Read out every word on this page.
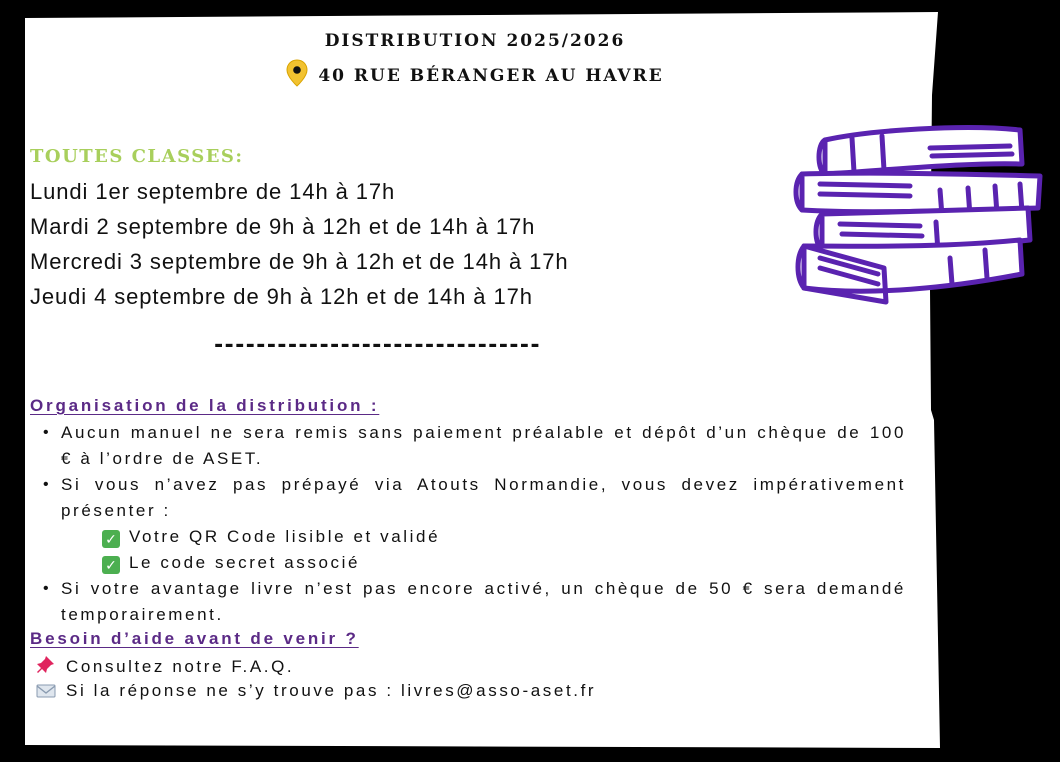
DISTRIBUTION 2025/2026
40 RUE BÉRANGER AU HAVRE
TOUTES CLASSES:
Lundi 1er septembre de 14h à 17h
Mardi 2 septembre de 9h à 12h et de 14h à 17h
Mercredi 3 septembre de 9h à 12h et de 14h à 17h
Jeudi 4 septembre de 9h à 12h et de 14h à 17h
-------------------------------
Organisation de la distribution :
• Aucun manuel ne sera remis sans paiement préalable et dépôt d’un chèque de 100 € à l’ordre de ASET.
• Si vous n’avez pas prépayé via Atouts Normandie, vous devez impérativement présenter :
✓ Votre QR Code lisible et validé
✓ Le code secret associé
• Si votre avantage livre n’est pas encore activé, un chèque de 50 € sera demandé temporairement.
Besoin d’aide avant de venir ?
Consultez notre F.A.Q.
Si la réponse ne s’y trouve pas : livres@asso-aset.fr
